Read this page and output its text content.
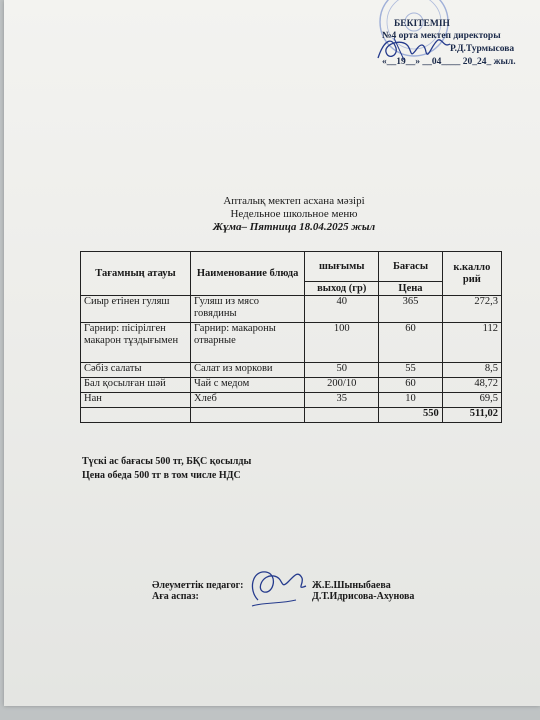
БЕКІТЕМІН
№4 орта мектеп директоры
Р.Д.Турмысова
«__19__» __04____ 20_24_ жыл.
Апталық мектеп асхана мәзірі
Недельное школьное меню
Жұма– Пятница 18.04.2025 жыл
Тағамның атауы	Наименование блюда	шығымы	Бағасы	к.калло рий
		выход (гр)	Цена	
Сиыр етінен гуляш	Гуляш из мясо говядины	40	365	272,3
Гарнир: пісірілген макарон тұздығымен	Гарнир: макароны отварные	100	60	112
Сәбіз салаты	Салат из моркови	50	55	8,5
Бал қосылған шәй	Чай с медом	200/10	60	48,72
Нан	Хлеб	35	10	69,5
			550	511,02
Түскі ас бағасы 500 тг, БҚС қосылды
Цена обеда 500 тг в том числе НДС
Әлеуметтік педагог:	Ж.Е.Шыныбаева
Аға аспаз:	Д.Т.Идрисова-Ахунова
